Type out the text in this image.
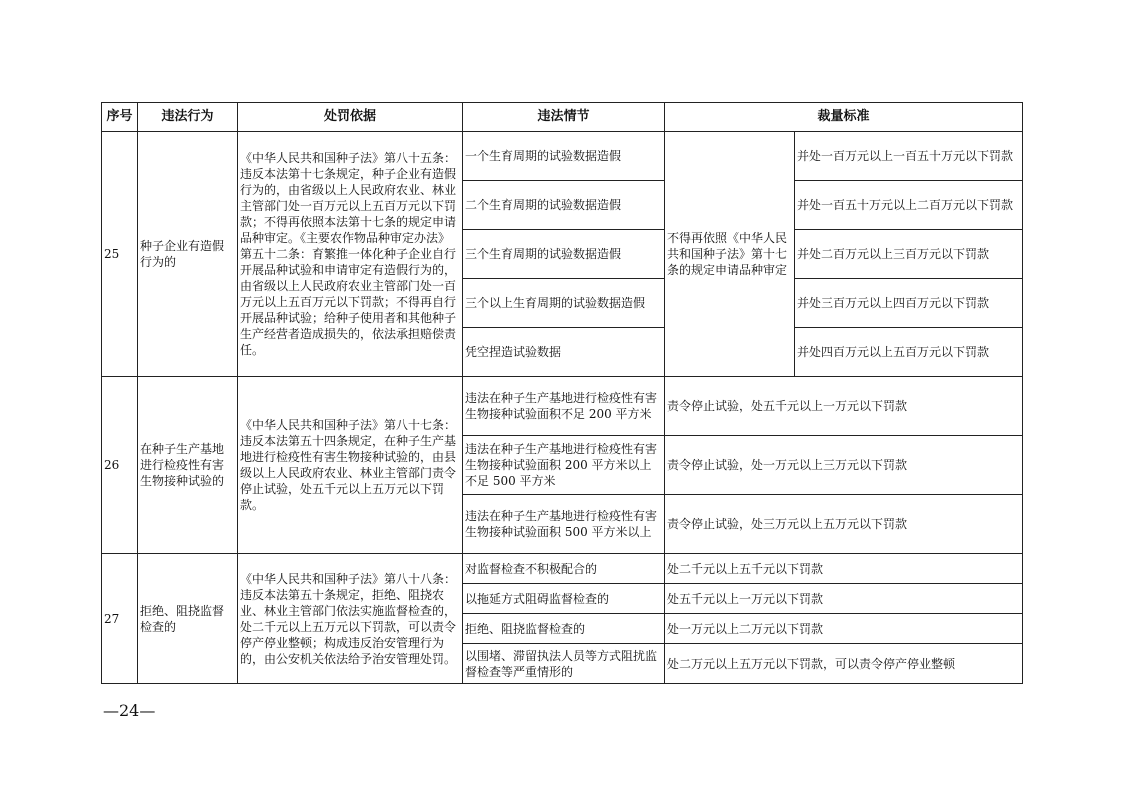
序号	违法行为	处罚依据	违法情节	裁量标准	
25	种子企业有造假行为的	《中华人民共和国种子法》第八十五条：违反本法第十七条规定，种子企业有造假行为的，由省级以上人民政府农业、林业主管部门处一百万元以上五百万元以下罚款；不得再依照本法第十七条的规定申请品种审定。《主要农作物品种审定办法》第五十二条：育繁推一体化种子企业自行开展品种试验和申请审定有造假行为的，由省级以上人民政府农业主管部门处一百万元以上五百万元以下罚款；不得再自行开展品种试验；给种子使用者和其他种子生产经营者造成损失的，依法承担赔偿责任。	一个生育周期的试验数据造假	不得再依照《中华人民共和国种子法》第十七条的规定申请品种审定	并处一百万元以上一百五十万元以下罚款
			二个生育周期的试验数据造假		并处一百五十万元以上二百万元以下罚款
			三个生育周期的试验数据造假		并处二百万元以上三百万元以下罚款
			三个以上生育周期的试验数据造假		并处三百万元以上四百万元以下罚款
			凭空捏造试验数据		并处四百万元以上五百万元以下罚款
26	在种子生产基地进行检疫性有害生物接种试验的	《中华人民共和国种子法》第八十七条：违反本法第五十四条规定，在种子生产基地进行检疫性有害生物接种试验的，由县级以上人民政府农业、林业主管部门责令停止试验，处五千元以上五万元以下罚款。	违法在种子生产基地进行检疫性有害生物接种试验面积不足 200 平方米	责令停止试验，处五千元以上一万元以下罚款	
			违法在种子生产基地进行检疫性有害生物接种试验面积 200 平方米以上不足 500 平方米	责令停止试验，处一万元以上三万元以下罚款	
			违法在种子生产基地进行检疫性有害生物接种试验面积 500 平方米以上	责令停止试验，处三万元以上五万元以下罚款	
27	拒绝、阻挠监督检查的	《中华人民共和国种子法》第八十八条：违反本法第五十条规定，拒绝、阻挠农业、林业主管部门依法实施监督检查的，处二千元以上五万元以下罚款，可以责令停产停业整顿；构成违反治安管理行为的，由公安机关依法给予治安管理处罚。	对监督检查不积极配合的	处二千元以上五千元以下罚款	
			以拖延方式阻碍监督检查的	处五千元以上一万元以下罚款	
			拒绝、阻挠监督检查的	处一万元以上二万元以下罚款	
			以围堵、滞留执法人员等方式阻扰监督检查等严重情形的	处二万元以上五万元以下罚款，可以责令停产停业整顿	
—24—
